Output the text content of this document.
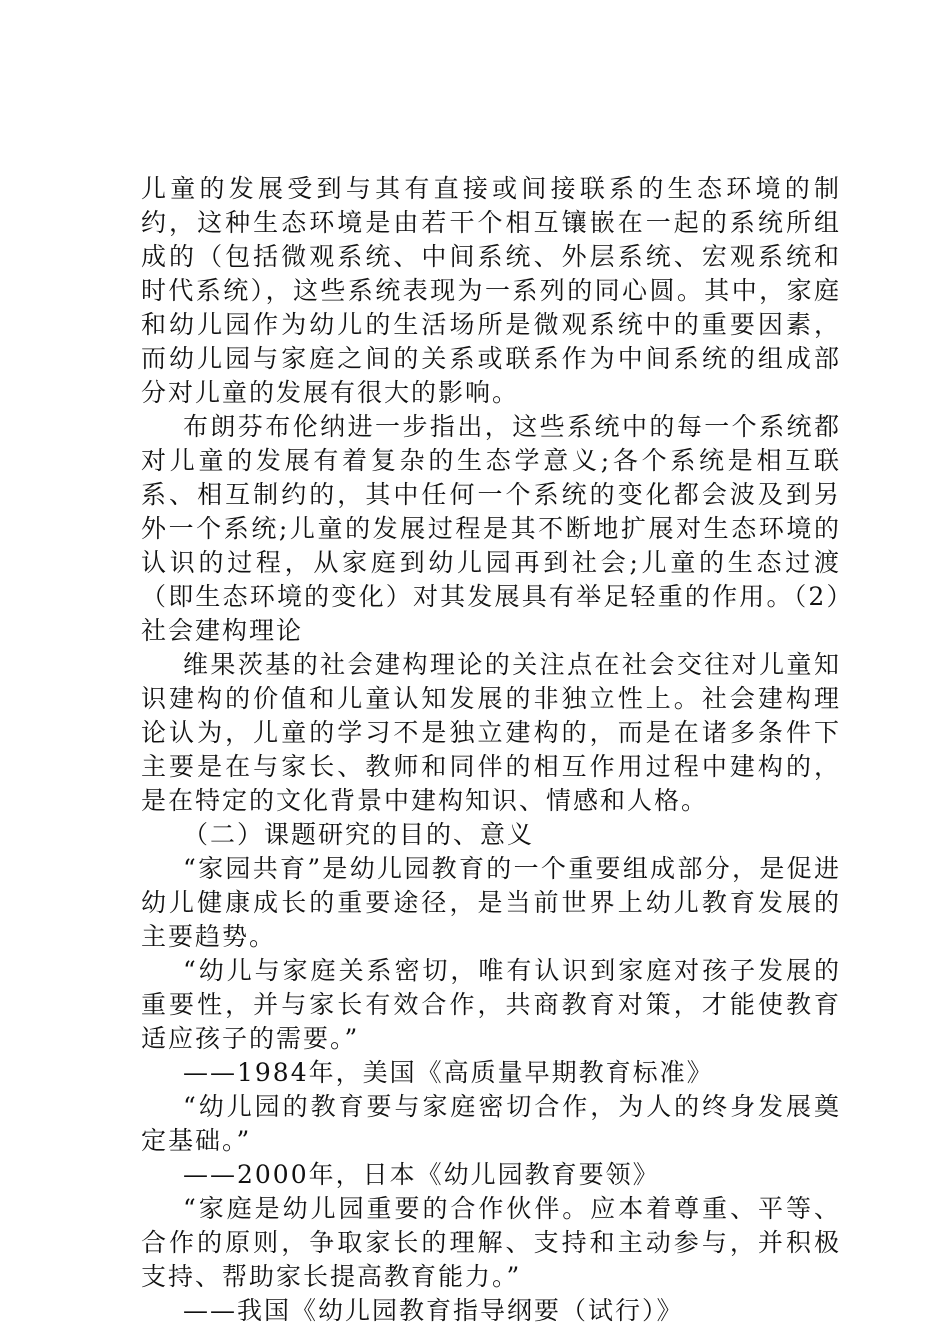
儿童的发展受到与其有直接或间接联系的生态环境的制约，这种生态环境是由若干个相互镶嵌在一起的系统所组成的（包括微观系统、中间系统、外层系统、宏观系统和时代系统），这些系统表现为一系列的同心圆。其中，家庭和幼儿园作为幼儿的生活场所是微观系统中的重要因素，而幼儿园与家庭之间的关系或联系作为中间系统的组成部分对儿童的发展有很大的影响。

布朗芬布伦纳进一步指出，这些系统中的每一个系统都对儿童的发展有着复杂的生态学意义;各个系统是相互联系、相互制约的，其中任何一个系统的变化都会波及到另外一个系统;儿童的发展过程是其不断地扩展对生态环境的认识的过程，从家庭到幼儿园再到社会;儿童的生态过渡（即生态环境的变化）对其发展具有举足轻重的作用。（2）社会建构理论

维果茨基的社会建构理论的关注点在社会交往对儿童知识建构的价值和儿童认知发展的非独立性上。社会建构理论认为，儿童的学习不是独立建构的，而是在诸多条件下主要是在与家长、教师和同伴的相互作用过程中建构的，是在特定的文化背景中建构知识、情感和人格。

（二）课题研究的目的、意义

“家园共育”是幼儿园教育的一个重要组成部分，是促进幼儿健康成长的重要途径，是当前世界上幼儿教育发展的主要趋势。

“幼儿与家庭关系密切，唯有认识到家庭对孩子发展的重要性，并与家长有效合作，共商教育对策，才能使教育适应孩子的需要。”

——1984年，美国《高质量早期教育标准》

“幼儿园的教育要与家庭密切合作，为人的终身发展奠定基础。”

——2000年，日本《幼儿园教育要领》

“家庭是幼儿园重要的合作伙伴。应本着尊重、平等、合作的原则，争取家长的理解、支持和主动参与，并积极支持、帮助家长提高教育能力。”

——我国《幼儿园教育指导纲要（试行）》
